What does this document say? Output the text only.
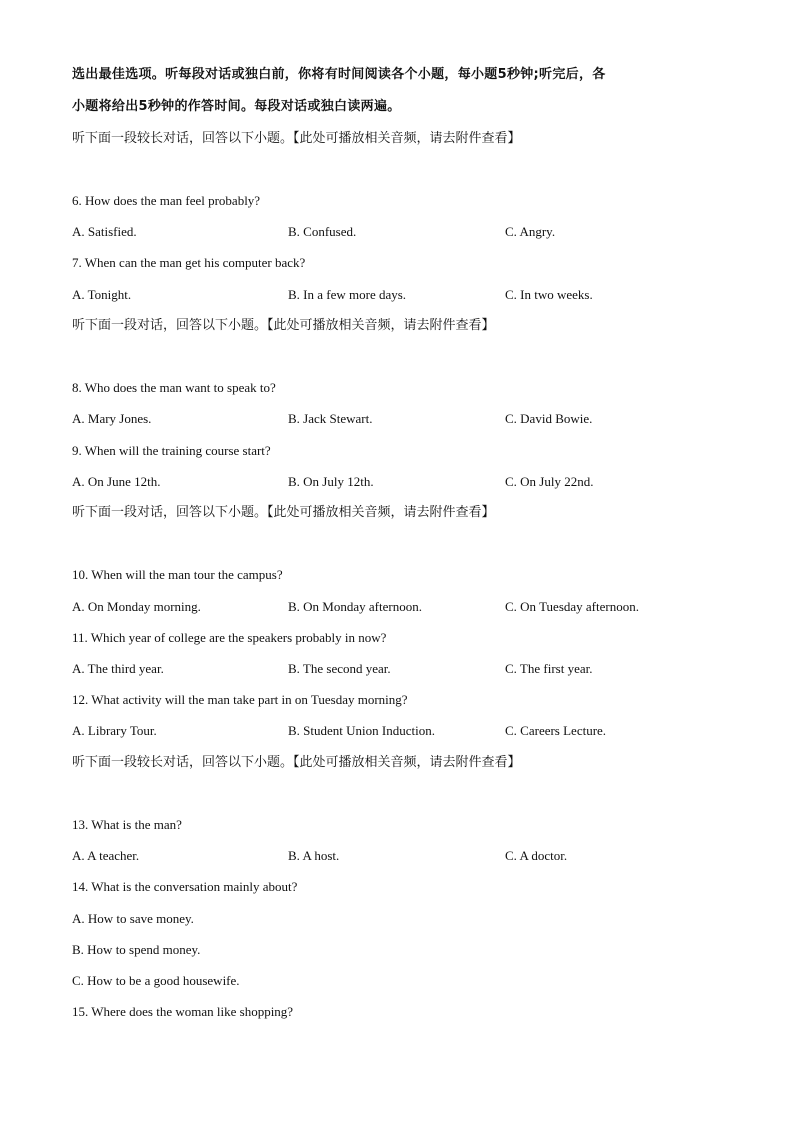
选出最佳选项。听每段对话或独白前，你将有时间阅读各个小题，每小题5秒钟;听完后，各
小题将给出5秒钟的作答时间。每段对话或独白读两遍。
听下面一段较长对话，回答以下小题。【此处可播放相关音频，请去附件查看】
6. How does the man feel probably?
A. Satisfied.	B. Confused.	C. Angry.
7. When can the man get his computer back?
A. Tonight.	B. In a few more days.	C. In two weeks.
听下面一段对话，回答以下小题。【此处可播放相关音频，请去附件查看】
8. Who does the man want to speak to?
A. Mary Jones.	B. Jack Stewart.	C. David Bowie.
9. When will the training course start?
A. On June 12th.	B. On July 12th.	C. On July 22nd.
听下面一段对话，回答以下小题。【此处可播放相关音频，请去附件查看】
10. When will the man tour the campus?
A. On Monday morning.	B. On Monday afternoon.	C. On Tuesday afternoon.
11. Which year of college are the speakers probably in now?
A. The third year.	B. The second year.	C. The first year.
12. What activity will the man take part in on Tuesday morning?
A. Library Tour.	B. Student Union Induction.	C. Careers Lecture.
听下面一段较长对话，回答以下小题。【此处可播放相关音频，请去附件查看】
13. What is the man?
A. A teacher.	B. A host.	C. A doctor.
14. What is the conversation mainly about?
A. How to save money.
B. How to spend money.
C. How to be a good housewife.
15. Where does the woman like shopping?
